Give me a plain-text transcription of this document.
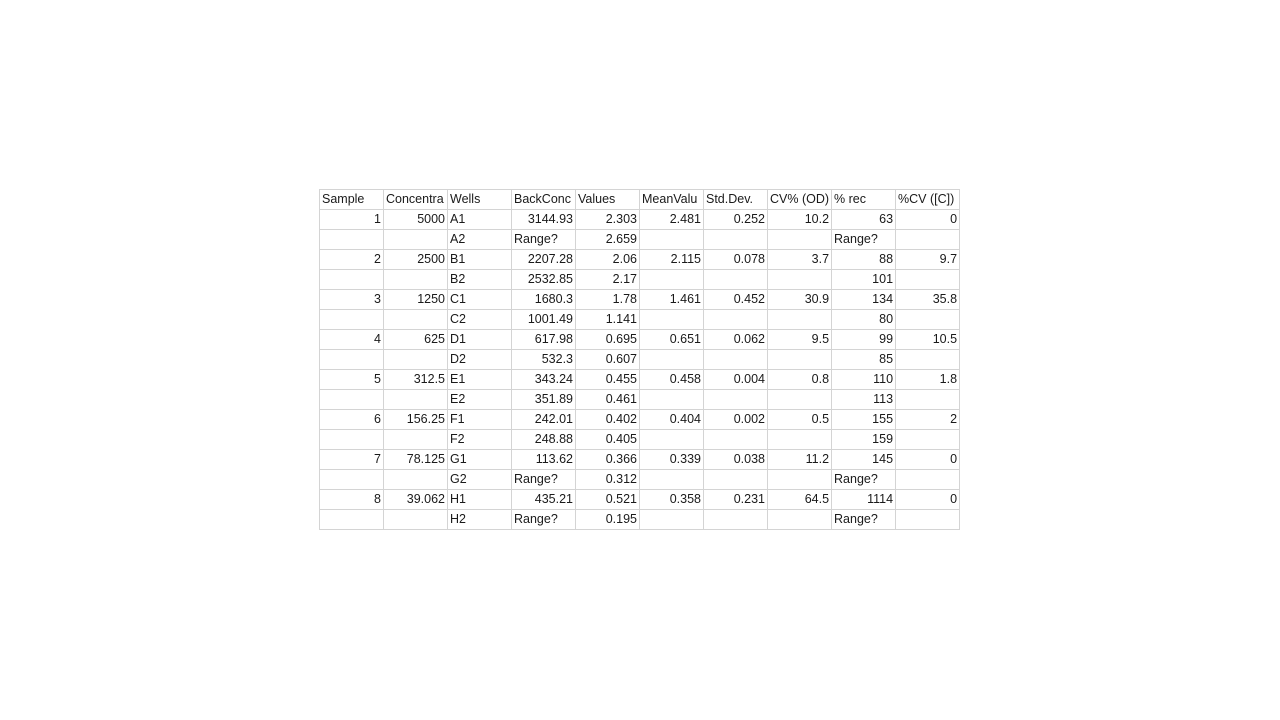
Sample	Concentra	Wells	BackConc	Values	MeanValu	Std.Dev.	CV% (OD)	% rec	%CV ([C])
1	5000	A1	3144.93	2.303	2.481	0.252	10.2	63	0
		A2	Range?	2.659				Range?	
2	2500	B1	2207.28	2.06	2.115	0.078	3.7	88	9.7
		B2	2532.85	2.17				101	
3	1250	C1	1680.3	1.78	1.461	0.452	30.9	134	35.8
		C2	1001.49	1.141				80	
4	625	D1	617.98	0.695	0.651	0.062	9.5	99	10.5
		D2	532.3	0.607				85	
5	312.5	E1	343.24	0.455	0.458	0.004	0.8	110	1.8
		E2	351.89	0.461				113	
6	156.25	F1	242.01	0.402	0.404	0.002	0.5	155	2
		F2	248.88	0.405				159	
7	78.125	G1	113.62	0.366	0.339	0.038	11.2	145	0
		G2	Range?	0.312				Range?	
8	39.062	H1	435.21	0.521	0.358	0.231	64.5	1114	0
		H2	Range?	0.195				Range?	
